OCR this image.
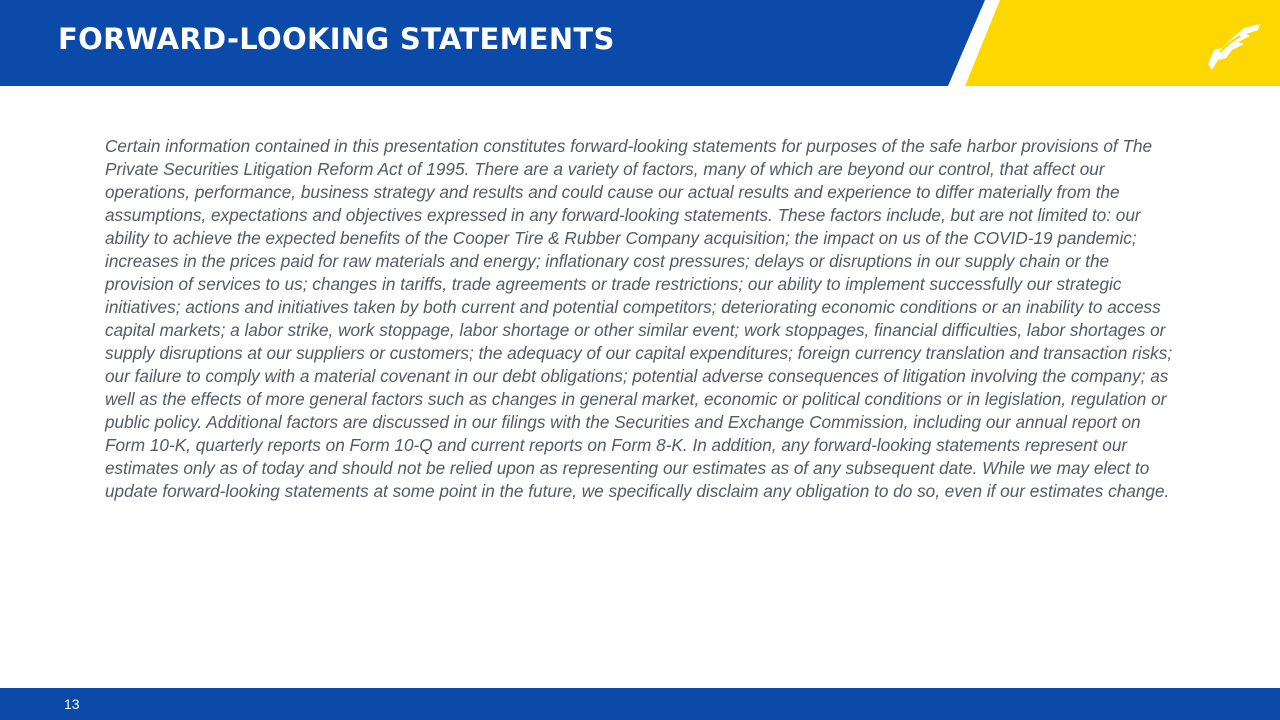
FORWARD-LOOKING STATEMENTS

Certain information contained in this presentation constitutes forward-looking statements for purposes of the safe harbor provisions of The Private Securities Litigation Reform Act of 1995. There are a variety of factors, many of which are beyond our control, that affect our operations, performance, business strategy and results and could cause our actual results and experience to differ materially from the assumptions, expectations and objectives expressed in any forward-looking statements. These factors include, but are not limited to: our ability to achieve the expected benefits of the Cooper Tire & Rubber Company acquisition; the impact on us of the COVID-19 pandemic; increases in the prices paid for raw materials and energy; inflationary cost pressures; delays or disruptions in our supply chain or the provision of services to us; changes in tariffs, trade agreements or trade restrictions; our ability to implement successfully our strategic initiatives; actions and initiatives taken by both current and potential competitors; deteriorating economic conditions or an inability to access capital markets; a labor strike, work stoppage, labor shortage or other similar event; work stoppages, financial difficulties, labor shortages or supply disruptions at our suppliers or customers; the adequacy of our capital expenditures; foreign currency translation and transaction risks; our failure to comply with a material covenant in our debt obligations; potential adverse consequences of litigation involving the company; as well as the effects of more general factors such as changes in general market, economic or political conditions or in legislation, regulation or public policy. Additional factors are discussed in our filings with the Securities and Exchange Commission, including our annual report on Form 10-K, quarterly reports on Form 10-Q and current reports on Form 8-K. In addition, any forward-looking statements represent our estimates only as of today and should not be relied upon as representing our estimates as of any subsequent date. While we may elect to update forward-looking statements at some point in the future, we specifically disclaim any obligation to do so, even if our estimates change.

13
